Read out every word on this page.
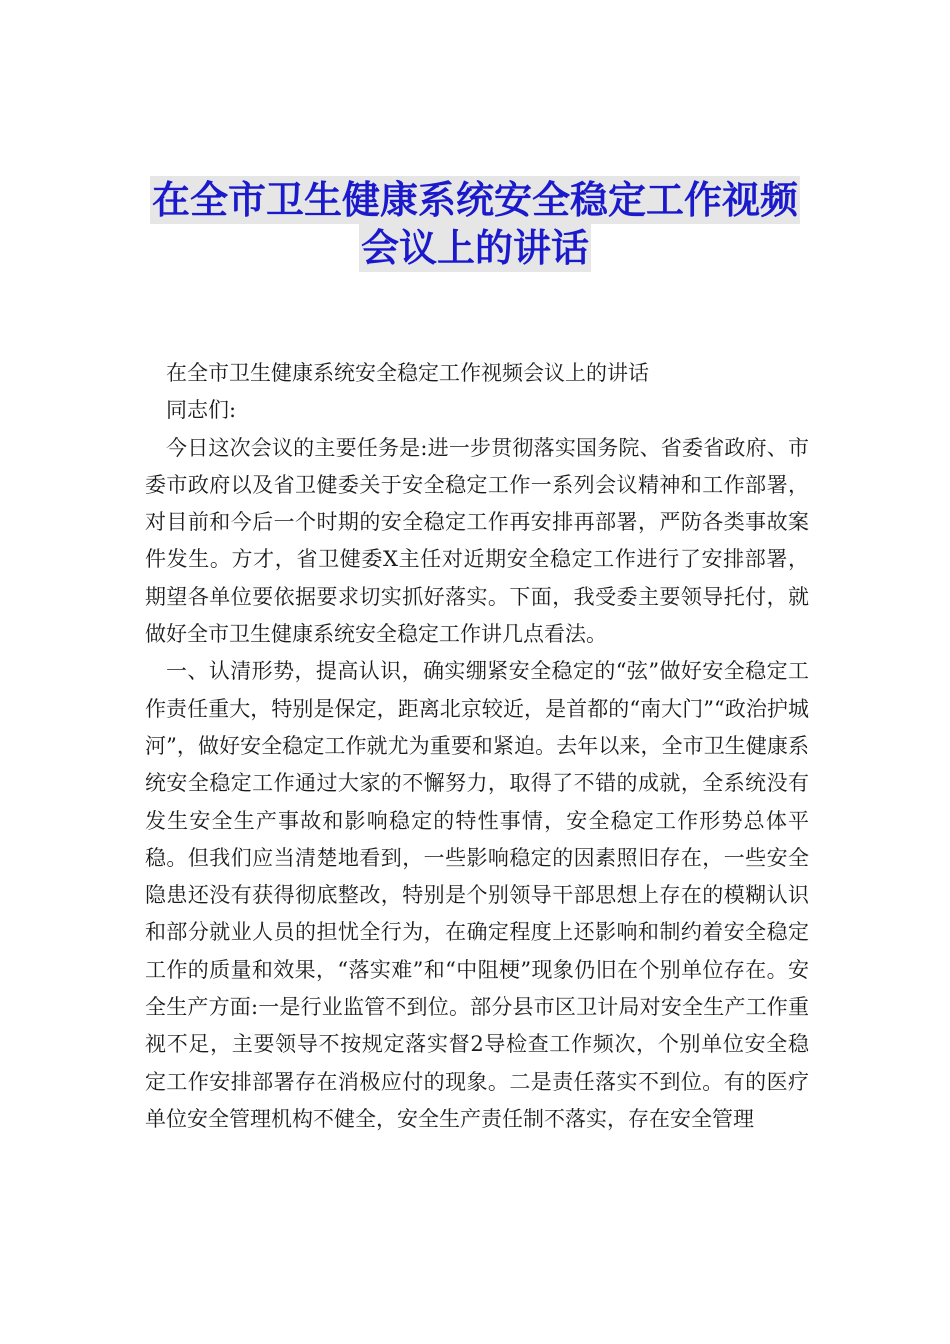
在全市卫生健康系统安全稳定工作视频
会议上的讲话

在全市卫生健康系统安全稳定工作视频会议上的讲话

同志们:

今日这次会议的主要任务是:进一步贯彻落实国务院、省委省政府、市委市政府以及省卫健委关于安全稳定工作一系列会议精神和工作部署，对目前和今后一个时期的安全稳定工作再安排再部署，严防各类事故案件发生。方才，省卫健委X主任对近期安全稳定工作进行了安排部署，期望各单位要依据要求切实抓好落实。下面，我受委主要领导托付，就做好全市卫生健康系统安全稳定工作讲几点看法。

一、认清形势，提高认识，确实绷紧安全稳定的“弦”做好安全稳定工作责任重大，特别是保定，距离北京较近，是首都的“南大门”“政治护城河”，做好安全稳定工作就尤为重要和紧迫。去年以来，全市卫生健康系统安全稳定工作通过大家的不懈努力，取得了不错的成就，全系统没有发生安全生产事故和影响稳定的特性事情，安全稳定工作形势总体平稳。但我们应当清楚地看到，一些影响稳定的因素照旧存在，一些安全隐患还没有获得彻底整改，特别是个别领导干部思想上存在的模糊认识和部分就业人员的担忧全行为，在确定程度上还影响和制约着安全稳定工作的质量和效果，“落实难”和“中阻梗”现象仍旧在个别单位存在。安全生产方面:一是行业监管不到位。部分县市区卫计局对安全生产工作重视不足，主要领导不按规定落实督2导检查工作频次，个别单位安全稳定工作安排部署存在消极应付的现象。二是责任落实不到位。有的医疗单位安全管理机构不健全，安全生产责任制不落实，存在安全管理
